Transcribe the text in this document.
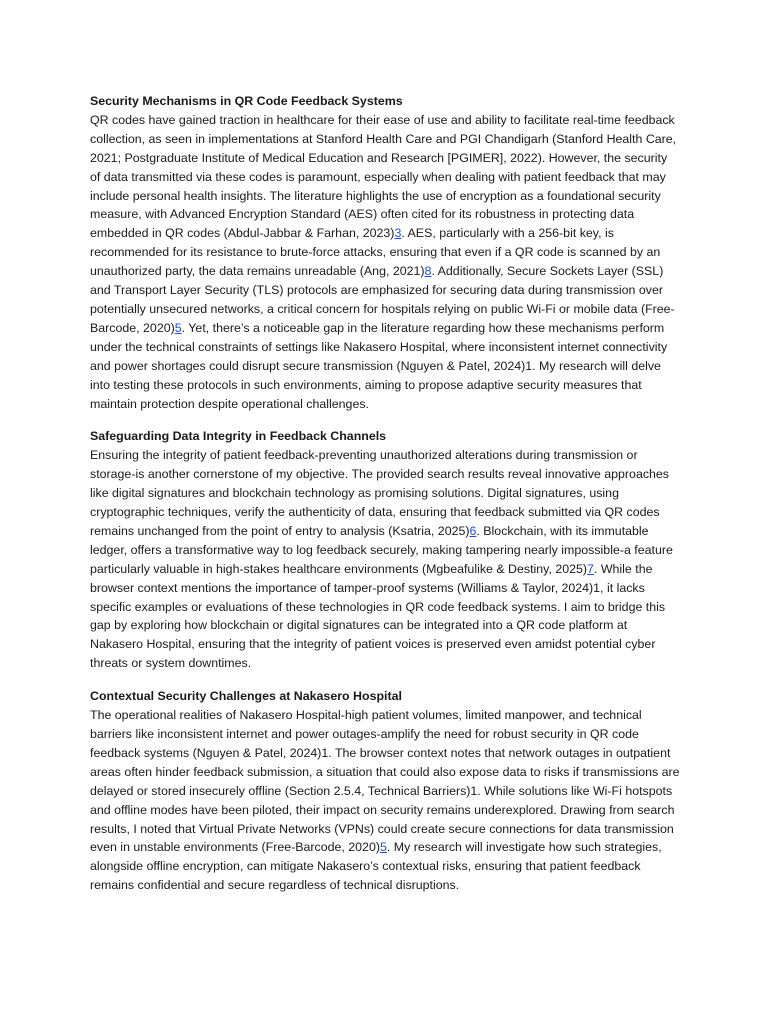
Security Mechanisms in QR Code Feedback Systems

QR codes have gained traction in healthcare for their ease of use and ability to facilitate real-time feedback collection, as seen in implementations at Stanford Health Care and PGI Chandigarh (Stanford Health Care, 2021; Postgraduate Institute of Medical Education and Research [PGIMER], 2022). However, the security of data transmitted via these codes is paramount, especially when dealing with patient feedback that may include personal health insights. The literature highlights the use of encryption as a foundational security measure, with Advanced Encryption Standard (AES) often cited for its robustness in protecting data embedded in QR codes (Abdul-Jabbar & Farhan, 2023)3. AES, particularly with a 256-bit key, is recommended for its resistance to brute-force attacks, ensuring that even if a QR code is scanned by an unauthorized party, the data remains unreadable (Ang, 2021)8. Additionally, Secure Sockets Layer (SSL) and Transport Layer Security (TLS) protocols are emphasized for securing data during transmission over potentially unsecured networks, a critical concern for hospitals relying on public Wi-Fi or mobile data (Free-Barcode, 2020)5. Yet, there’s a noticeable gap in the literature regarding how these mechanisms perform under the technical constraints of settings like Nakasero Hospital, where inconsistent internet connectivity and power shortages could disrupt secure transmission (Nguyen & Patel, 2024)1. My research will delve into testing these protocols in such environments, aiming to propose adaptive security measures that maintain protection despite operational challenges.

Safeguarding Data Integrity in Feedback Channels

Ensuring the integrity of patient feedback-preventing unauthorized alterations during transmission or storage-is another cornerstone of my objective. The provided search results reveal innovative approaches like digital signatures and blockchain technology as promising solutions. Digital signatures, using cryptographic techniques, verify the authenticity of data, ensuring that feedback submitted via QR codes remains unchanged from the point of entry to analysis (Ksatria, 2025)6. Blockchain, with its immutable ledger, offers a transformative way to log feedback securely, making tampering nearly impossible-a feature particularly valuable in high-stakes healthcare environments (Mgbeafulike & Destiny, 2025)7. While the browser context mentions the importance of tamper-proof systems (Williams & Taylor, 2024)1, it lacks specific examples or evaluations of these technologies in QR code feedback systems. I aim to bridge this gap by exploring how blockchain or digital signatures can be integrated into a QR code platform at Nakasero Hospital, ensuring that the integrity of patient voices is preserved even amidst potential cyber threats or system downtimes.

Contextual Security Challenges at Nakasero Hospital

The operational realities of Nakasero Hospital-high patient volumes, limited manpower, and technical barriers like inconsistent internet and power outages-amplify the need for robust security in QR code feedback systems (Nguyen & Patel, 2024)1. The browser context notes that network outages in outpatient areas often hinder feedback submission, a situation that could also expose data to risks if transmissions are delayed or stored insecurely offline (Section 2.5.4, Technical Barriers)1. While solutions like Wi-Fi hotspots and offline modes have been piloted, their impact on security remains underexplored. Drawing from search results, I noted that Virtual Private Networks (VPNs) could create secure connections for data transmission even in unstable environments (Free-Barcode, 2020)5. My research will investigate how such strategies, alongside offline encryption, can mitigate Nakasero’s contextual risks, ensuring that patient feedback remains confidential and secure regardless of technical disruptions.
